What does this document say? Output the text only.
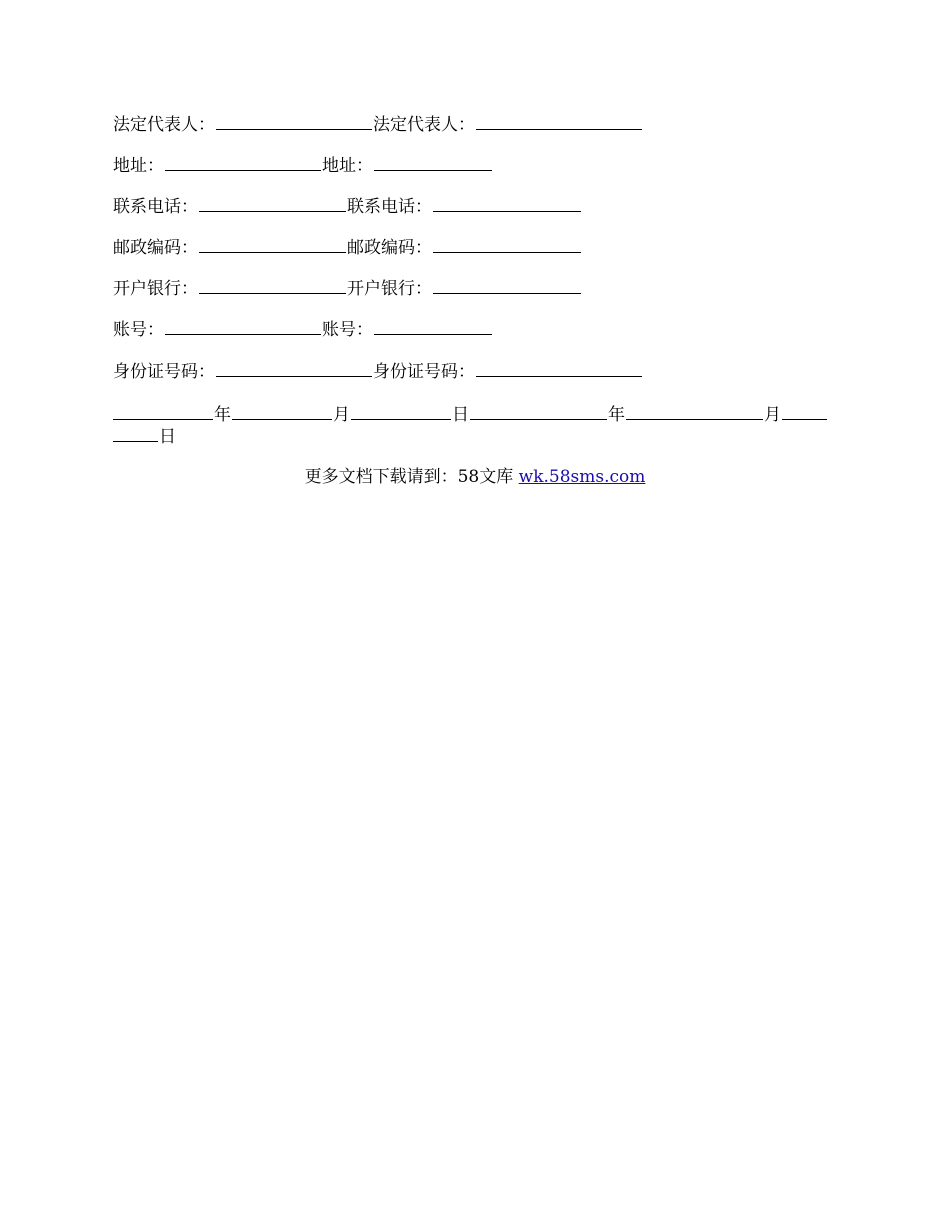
法定代表人：	法定代表人：
地址：	地址：
联系电话：	联系电话：
邮政编码：	邮政编码：
开户银行：	开户银行：
账号：	账号：
身份证号码：	身份证号码：
年	月	日	年	月
日
更多文档下载请到：58文库 wk.58sms.com
